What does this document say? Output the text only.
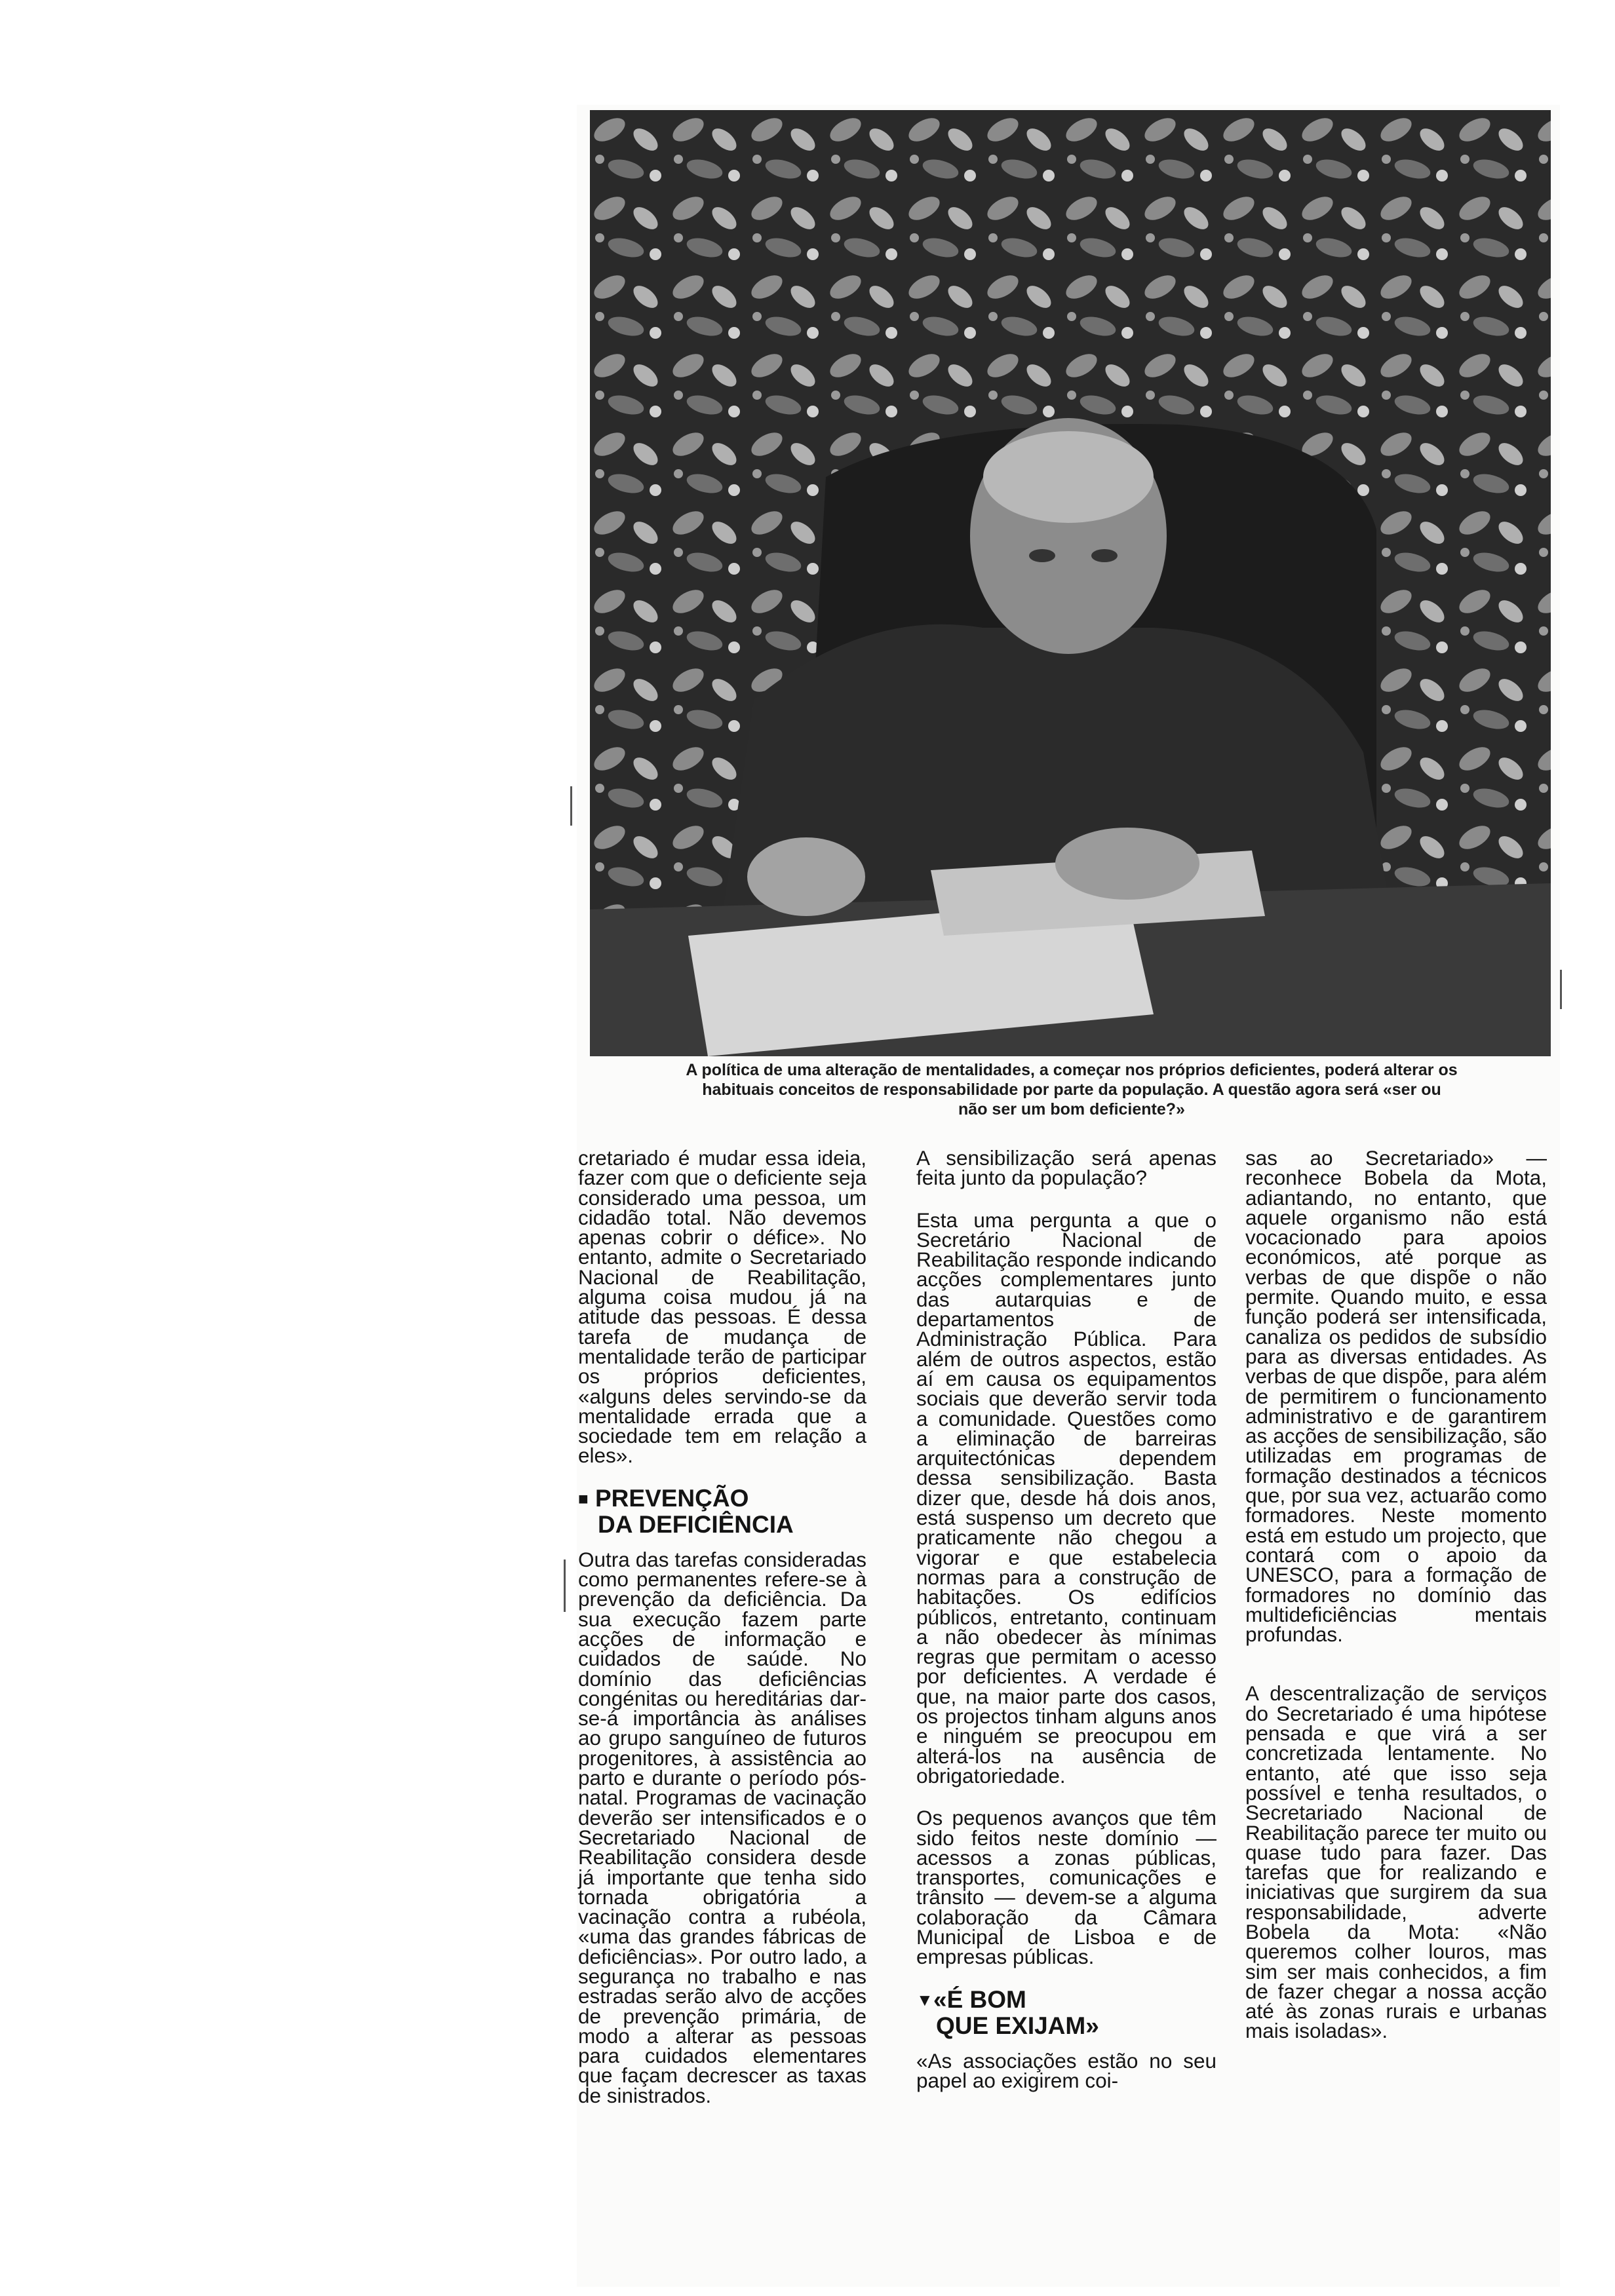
A política de uma alteração de mentalidades, a começar nos próprios deficientes, poderá alterar os
habituais conceitos de responsabilidade por parte da população. A questão agora será «ser ou
não ser um bom deficiente?»

cretariado é mudar essa ideia, fazer com que o deficiente seja considerado uma pessoa, um cidadão total. Não devemos apenas cobrir o défice». No entanto, admite o Secretariado Nacional de Reabilitação, alguma coisa mudou já na atitude das pessoas. É dessa tarefa de mudança de mentalidade terão de participar os próprios deficientes, «alguns deles servindo-se da mentalidade errada que a sociedade tem em relação a eles».

■ PREVENÇÃO
DA DEFICIÊNCIA

Outra das tarefas consideradas como permanentes refere-se à prevenção da deficiência. Da sua execução fazem parte acções de informação e cuidados de saúde. No domínio das deficiências congénitas ou hereditárias dar-se-á importância às análises ao grupo sanguíneo de futuros progenitores, à assistência ao parto e durante o período pós-natal. Programas de vacinação deverão ser intensificados e o Secretariado Nacional de Reabilitação considera desde já importante que tenha sido tornada obrigatória a vacinação contra a rubéola, «uma das grandes fábricas de deficiências». Por outro lado, a segurança no trabalho e nas estradas serão alvo de acções de prevenção primária, de modo a alterar as pessoas para cuidados elementares que façam decrescer as taxas de sinistrados.

A sensibilização será apenas feita junto da população?

Esta uma pergunta a que o Secretário Nacional de Reabilitação responde indicando acções complementares junto das autarquias e de departamentos de Administração Pública. Para além de outros aspectos, estão aí em causa os equipamentos sociais que deverão servir toda a comunidade. Questões como a eliminação de barreiras arquitectónicas dependem dessa sensibilização. Basta dizer que, desde há dois anos, está suspenso um decreto que praticamente não chegou a vigorar e que estabelecia normas para a construção de habitações. Os edifícios públicos, entretanto, continuam a não obedecer às mínimas regras que permitam o acesso por deficientes. A verdade é que, na maior parte dos casos, os projectos tinham alguns anos e ninguém se preocupou em alterá-los na ausência de obrigatoriedade.

Os pequenos avanços que têm sido feitos neste domínio — acessos a zonas públicas, transportes, comunicações e trânsito — devem-se a alguma colaboração da Câmara Municipal de Lisboa e de empresas públicas.

▼«É BOM
QUE EXIJAM»

«As associações estão no seu papel ao exigirem coi-

sas ao Secretariado» — reconhece Bobela da Mota, adiantando, no entanto, que aquele organismo não está vocacionado para apoios económicos, até porque as verbas de que dispõe o não permite. Quando muito, e essa função poderá ser intensificada, canaliza os pedidos de subsídio para as diversas entidades. As verbas de que dispõe, para além de permitirem o funcionamento administrativo e de garantirem as acções de sensibilização, são utilizadas em programas de formação destinados a técnicos que, por sua vez, actuarão como formadores. Neste momento está em estudo um projecto, que contará com o apoio da UNESCO, para a formação de formadores no domínio das multideficiências mentais profundas.

A descentralização de serviços do Secretariado é uma hipótese pensada e que virá a ser concretizada lentamente. No entanto, até que isso seja possível e tenha resultados, o Secretariado Nacional de Reabilitação parece ter muito ou quase tudo para fazer. Das tarefas que for realizando e iniciativas que surgirem da sua responsabilidade, adverte Bobela da Mota: «Não queremos colher louros, mas sim ser mais conhecidos, a fim de fazer chegar a nossa acção até às zonas rurais e urbanas mais isoladas».
